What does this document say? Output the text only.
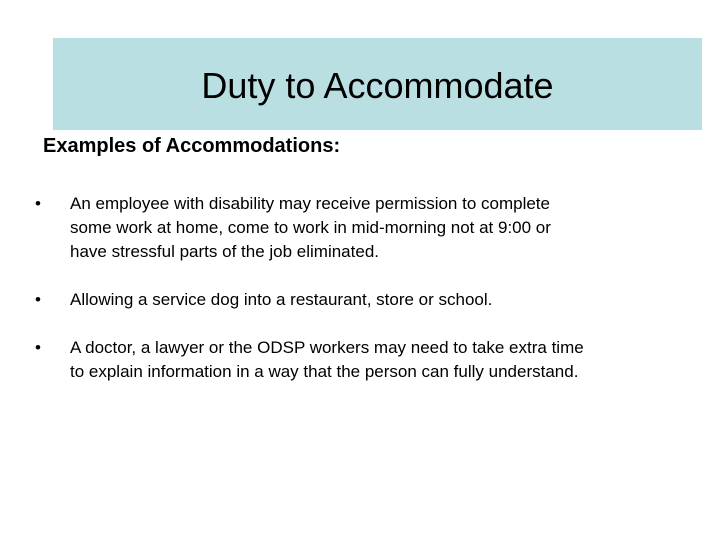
Duty to Accommodate
Examples of Accommodations:
•	An employee with disability may receive permission to complete
some work at home, come to work in mid-morning not at 9:00 or
have stressful parts of the job eliminated.
•	Allowing a service dog into a restaurant, store or school.
•	A doctor, a lawyer or the ODSP workers may need to take extra time
to explain information in a way that the person can fully understand.
